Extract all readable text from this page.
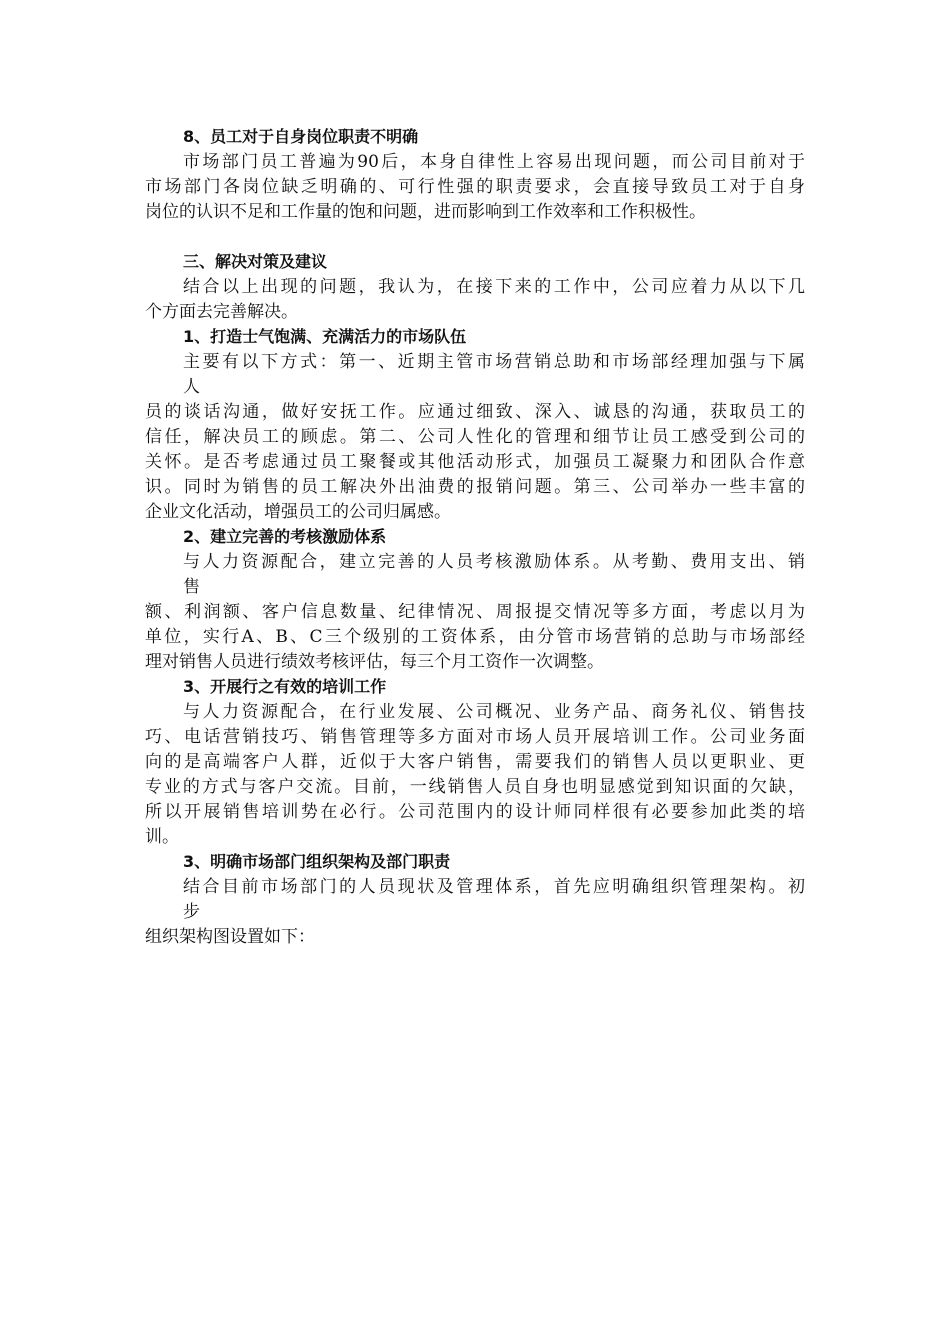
8、员工对于自身岗位职责不明确
市场部门员工普遍为90后，本身自律性上容易出现问题，而公司目前对于
市场部门各岗位缺乏明确的、可行性强的职责要求，会直接导致员工对于自身
岗位的认识不足和工作量的饱和问题，进而影响到工作效率和工作积极性。
三、解决对策及建议
结合以上出现的问题，我认为，在接下来的工作中，公司应着力从以下几
个方面去完善解决。
1、打造士气饱满、充满活力的市场队伍
主要有以下方式：第一、近期主管市场营销总助和市场部经理加强与下属
人
员的谈话沟通，做好安抚工作。应通过细致、深入、诚恳的沟通，获取员工的
信任，解决员工的顾虑。第二、公司人性化的管理和细节让员工感受到公司的
关怀。是否考虑通过员工聚餐或其他活动形式，加强员工凝聚力和团队合作意
识。同时为销售的员工解决外出油费的报销问题。第三、公司举办一些丰富的
企业文化活动，增强员工的公司归属感。
2、建立完善的考核激励体系
与人力资源配合，建立完善的人员考核激励体系。从考勤、费用支出、销
售
额、利润额、客户信息数量、纪律情况、周报提交情况等多方面，考虑以月为
单位，实行A、B、C三个级别的工资体系，由分管市场营销的总助与市场部经
理对销售人员进行绩效考核评估，每三个月工资作一次调整。
3、开展行之有效的培训工作
与人力资源配合，在行业发展、公司概况、业务产品、商务礼仪、销售技
巧、电话营销技巧、销售管理等多方面对市场人员开展培训工作。公司业务面
向的是高端客户人群，近似于大客户销售，需要我们的销售人员以更职业、更
专业的方式与客户交流。目前，一线销售人员自身也明显感觉到知识面的欠缺，
所以开展销售培训势在必行。公司范围内的设计师同样很有必要参加此类的培
训。
3、明确市场部门组织架构及部门职责
结合目前市场部门的人员现状及管理体系，首先应明确组织管理架构。初
步
组织架构图设置如下：
